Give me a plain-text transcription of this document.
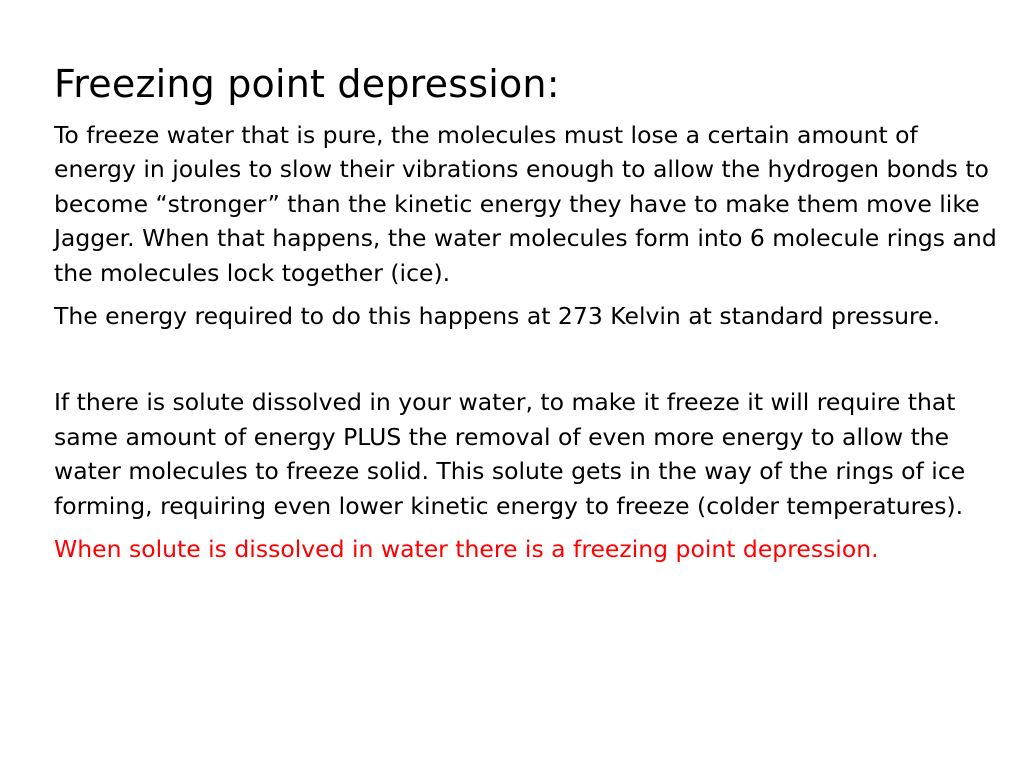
Freezing point depression:

To freeze water that is pure, the molecules must lose a certain amount of energy in joules to slow their vibrations enough to allow the hydrogen bonds to become “stronger” than the kinetic energy they have to make them move like Jagger. When that happens, the water molecules form into 6 molecule rings and the molecules lock together (ice).

The energy required to do this happens at 273 Kelvin at standard pressure.

If there is solute dissolved in your water, to make it freeze it will require that same amount of energy PLUS the removal of even more energy to allow the water molecules to freeze solid. This solute gets in the way of the rings of ice forming, requiring even lower kinetic energy to freeze (colder temperatures).

When solute is dissolved in water there is a freezing point depression.
